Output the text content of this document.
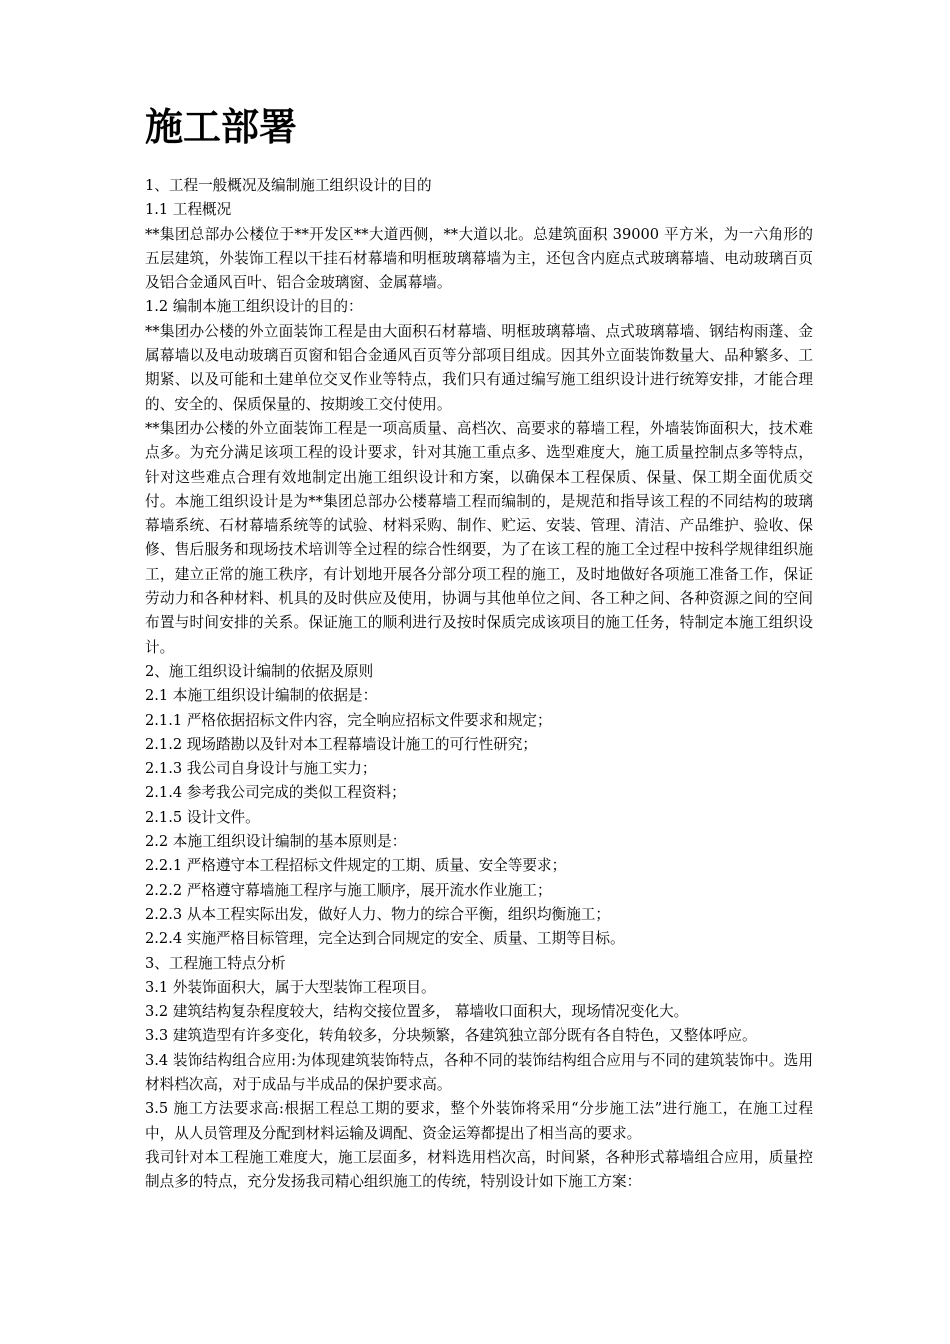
施工部署

1、工程一般概况及编制施工组织设计的目的

1.1 工程概况

**集团总部办公楼位于**开发区**大道西侧，**大道以北。总建筑面积 39000 平方米，为一六角形的五层建筑，外装饰工程以干挂石材幕墙和明框玻璃幕墙为主，还包含内庭点式玻璃幕墙、电动玻璃百页及铝合金通风百叶、铝合金玻璃窗、金属幕墙。

1.2 编制本施工组织设计的目的：

**集团办公楼的外立面装饰工程是由大面积石材幕墙、明框玻璃幕墙、点式玻璃幕墙、钢结构雨蓬、金属幕墙以及电动玻璃百页窗和铝合金通风百页等分部项目组成。因其外立面装饰数量大、品种繁多、工期紧、以及可能和土建单位交叉作业等特点，我们只有通过编写施工组织设计进行统筹安排，才能合理的、安全的、保质保量的、按期竣工交付使用。

**集团办公楼的外立面装饰工程是一项高质量、高档次、高要求的幕墙工程，外墙装饰面积大，技术难点多。为充分满足该项工程的设计要求，针对其施工重点多、选型难度大，施工质量控制点多等特点，针对这些难点合理有效地制定出施工组织设计和方案，以确保本工程保质、保量、保工期全面优质交付。本施工组织设计是为**集团总部办公楼幕墙工程而编制的，是规范和指导该工程的不同结构的玻璃幕墙系统、石材幕墙系统等的试验、材料采购、制作、贮运、安装、管理、清洁、产品维护、验收、保修、售后服务和现场技术培训等全过程的综合性纲要，为了在该工程的施工全过程中按科学规律组织施工，建立正常的施工秩序，有计划地开展各分部分项工程的施工，及时地做好各项施工准备工作，保证劳动力和各种材料、机具的及时供应及使用，协调与其他单位之间、各工种之间、各种资源之间的空间布置与时间安排的关系。保证施工的顺利进行及按时保质完成该项目的施工任务，特制定本施工组织设计。

2、施工组织设计编制的依据及原则

2.1 本施工组织设计编制的依据是：

2.1.1 严格依据招标文件内容，完全响应招标文件要求和规定；

2.1.2 现场踏勘以及针对本工程幕墙设计施工的可行性研究；

2.1.3 我公司自身设计与施工实力；

2.1.4 参考我公司完成的类似工程资料；

2.1.5 设计文件。

2.2 本施工组织设计编制的基本原则是：

2.2.1 严格遵守本工程招标文件规定的工期、质量、安全等要求；

2.2.2 严格遵守幕墙施工程序与施工顺序，展开流水作业施工；

2.2.3 从本工程实际出发，做好人力、物力的综合平衡，组织均衡施工；

2.2.4 实施严格目标管理，完全达到合同规定的安全、质量、工期等目标。

3、工程施工特点分析

3.1 外装饰面积大，属于大型装饰工程项目。

3.2 建筑结构复杂程度较大，结构交接位置多， 幕墙收口面积大，现场情况变化大。

3.3 建筑造型有许多变化，转角较多，分块频繁，各建筑独立部分既有各自特色，又整体呼应。

3.4 装饰结构组合应用:为体现建筑装饰特点，各种不同的装饰结构组合应用与不同的建筑装饰中。选用材料档次高，对于成品与半成品的保护要求高。

3.5 施工方法要求高:根据工程总工期的要求，整个外装饰将采用“分步施工法”进行施工，在施工过程中，从人员管理及分配到材料运输及调配、资金运筹都提出了相当高的要求。

我司针对本工程施工难度大，施工层面多，材料选用档次高，时间紧，各种形式幕墙组合应用，质量控制点多的特点，充分发扬我司精心组织施工的传统，特别设计如下施工方案：
